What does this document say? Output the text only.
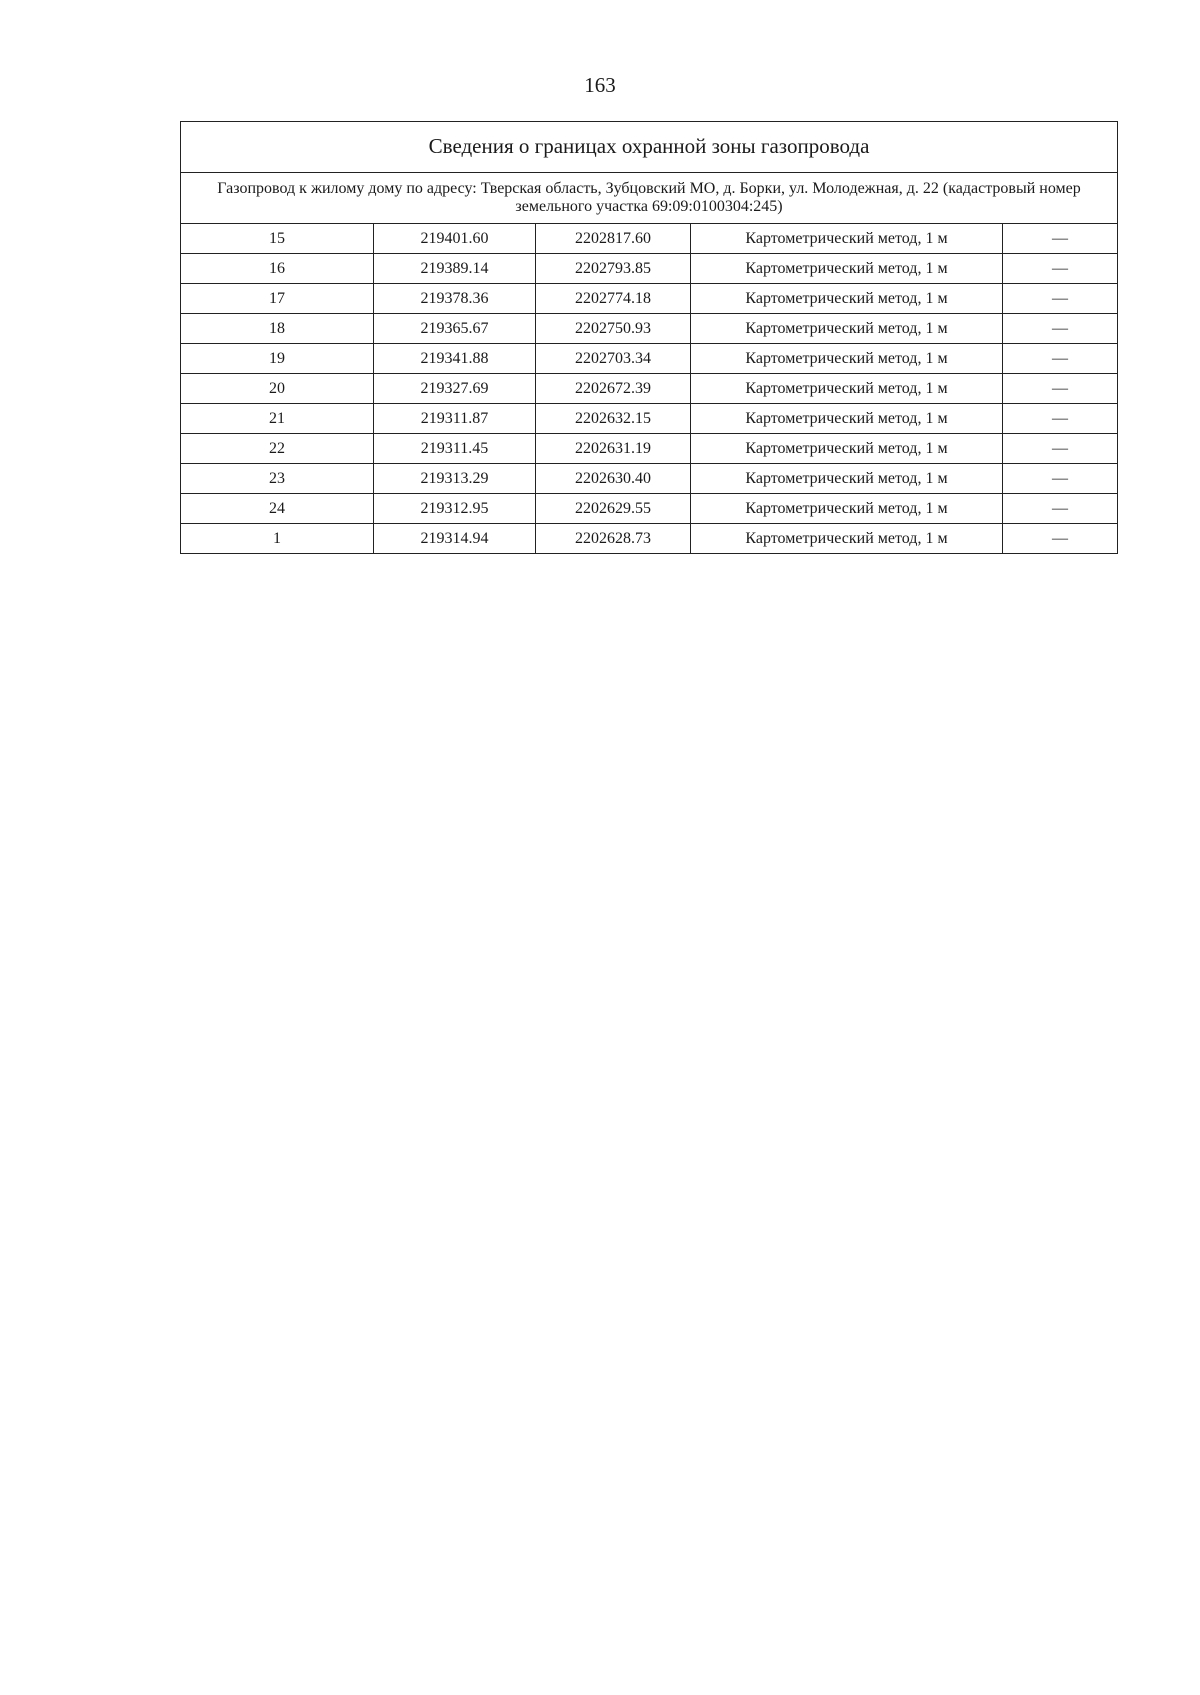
163
Сведения о границах охранной зоны газопровода				
Газопровод к жилому дому по адресу: Тверская область, Зубцовский МО, д. Борки, ул. Молодежная, д. 22 (кадастровый номер земельного участка 69:09:0100304:245)				
15	219401.60	2202817.60	Картометрический метод, 1 м	—
16	219389.14	2202793.85	Картометрический метод, 1 м	—
17	219378.36	2202774.18	Картометрический метод, 1 м	—
18	219365.67	2202750.93	Картометрический метод, 1 м	—
19	219341.88	2202703.34	Картометрический метод, 1 м	—
20	219327.69	2202672.39	Картометрический метод, 1 м	—
21	219311.87	2202632.15	Картометрический метод, 1 м	—
22	219311.45	2202631.19	Картометрический метод, 1 м	—
23	219313.29	2202630.40	Картометрический метод, 1 м	—
24	219312.95	2202629.55	Картометрический метод, 1 м	—
1	219314.94	2202628.73	Картометрический метод, 1 м	—
